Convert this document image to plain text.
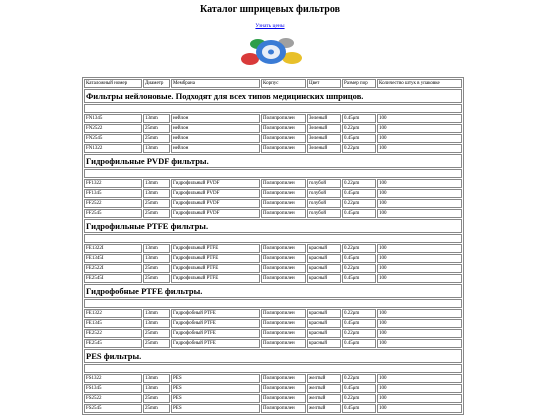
Каталог шприцевых фильтров
Узнать цены
Каталожный номер	Диаметр	Мембрана	Корпус	Цвет	Размер пор	Количество штук в упаковке
Фильтры нейлоновые. Подходят для всех типов медицинских шприцов.						

FN1345	13mm	нейлон	Полипропилен	Зеленый	0.45μm	100
FN2522	25mm	нейлон	Полипропилен	Зеленый	0.22μm	100
FN2545	25mm	нейлон	Полипропилен	Зеленый	0.45μm	100
FN1322	13mm	нейлон	Полипропилен	Зеленый	0.22μm	100
Гидрофильные PVDF фильтры.						

FF1322	13mm	Гидрофильный PVDF	Полипропилен	голубой	0.22μm	100
FF1345	13mm	Гидрофильный PVDF	Полипропилен	голубой	0.45μm	100
FF2522	25mm	Гидрофильный PVDF	Полипропилен	голубой	0.22μm	100
FF2545	25mm	Гидрофильный PVDF	Полипропилен	голубой	0.45μm	100
Гидрофильные PTFE фильтры.						

FE1322I	13mm	Гидрофильный PTFE	Полипропилен	красный	0.22μm	100
FE1345I	13mm	Гидрофильный PTFE	Полипропилен	красный	0.45μm	100
FE2522I	25mm	Гидрофильный PTFE	Полипропилен	красный	0.22μm	100
FE2545I	25mm	Гидрофильный PTFE	Полипропилен	красный	0.45μm	100
Гидрофобные PTFE фильтры.						

FE1322	13mm	Гидрофобный PTFE	Полипропилен	красный	0.22μm	100
FE1345	13mm	Гидрофобный PTFE	Полипропилен	красный	0.45μm	100
FE2522	25mm	Гидрофобный PTFE	Полипропилен	красный	0.22μm	100
FE2545	25mm	Гидрофобный PTFE	Полипропилен	красный	0.45μm	100
PES фильтры.						

FS1322	13mm	PES	Полипропилен	желтый	0.22μm	100
FS1345	13mm	PES	Полипропилен	желтый	0.45μm	100
FS2522	25mm	PES	Полипропилен	желтый	0.22μm	100
FS2545	25mm	PES	Полипропилен	желтый	0.45μm	100
